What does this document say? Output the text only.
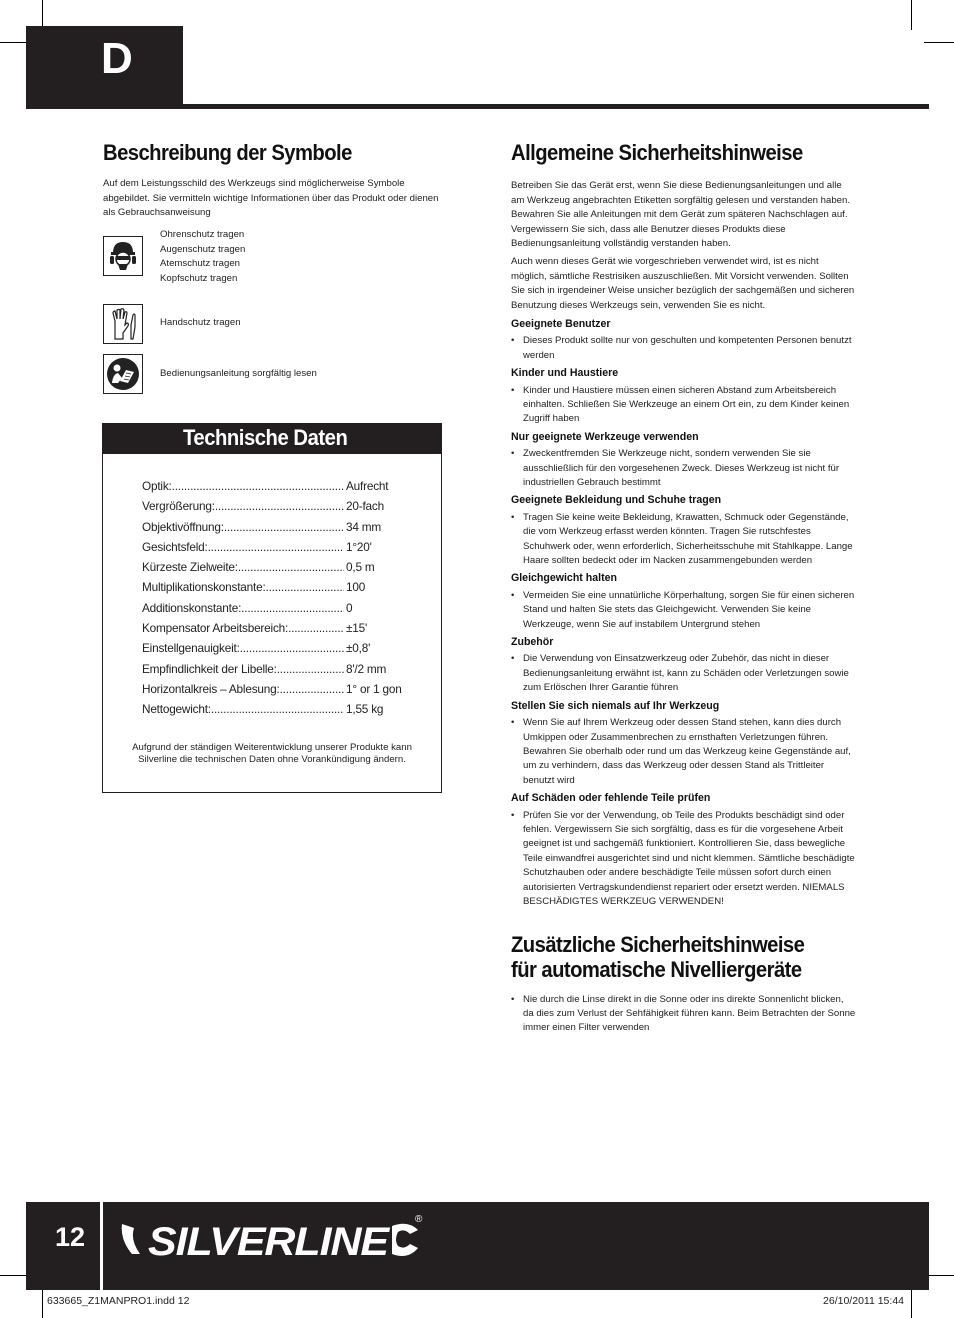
D
Beschreibung der Symbole
Auf dem Leistungsschild des Werkzeugs sind möglicherweise Symbole abgebildet. Sie vermitteln wichtige Informationen über das Produkt oder dienen als Gebrauchsanweisung
Ohrenschutz tragen
Augenschutz tragen
Atemschutz tragen
Kopfschutz tragen
Handschutz tragen
Bedienungsanleitung sorgfältig lesen
Technische Daten
Optik: .....	Aufrecht
Vergrößerung: .....	20-fach
Objektivöffnung: .....	34 mm
Gesichtsfeld: .....	1°20'
Kürzeste Zielweite: .....	0,5 m
Multiplikationskonstante: .....	100
Additionskonstante: .....	0
Kompensator Arbeitsbereich: .....	±15'
Einstellgenauigkeit: .....	±0,8'
Empfindlichkeit der Libelle: .....	8'/2 mm
Horizontalkreis – Ablesung: .....	1° or 1 gon
Nettogewicht: .....	1,55 kg
Aufgrund der ständigen Weiterentwicklung unserer Produkte kann Silverline die technischen Daten ohne Vorankündigung ändern.
Allgemeine Sicherheitshinweise

Betreiben Sie das Gerät erst, wenn Sie diese Bedienungsanleitungen und alle am Werkzeug angebrachten Etiketten sorgfältig gelesen und verstanden haben. Bewahren Sie alle Anleitungen mit dem Gerät zum späteren Nachschlagen auf. Vergewissern Sie sich, dass alle Benutzer dieses Produkts diese Bedienungsanleitung vollständig verstanden haben.

Auch wenn dieses Gerät wie vorgeschrieben verwendet wird, ist es nicht möglich, sämtliche Restrisiken auszuschließen. Mit Vorsicht verwenden. Sollten Sie sich in irgendeiner Weise unsicher bezüglich der sachgemäßen und sicheren Benutzung dieses Werkzeugs sein, verwenden Sie es nicht.

Geeignete Benutzer
• Dieses Produkt sollte nur von geschulten und kompetenten Personen benutzt werden
Kinder und Haustiere
• Kinder und Haustiere müssen einen sicheren Abstand zum Arbeitsbereich einhalten. Schließen Sie Werkzeuge an einem Ort ein, zu dem Kinder keinen Zugriff haben
Nur geeignete Werkzeuge verwenden
• Zweckentfremden Sie Werkzeuge nicht, sondern verwenden Sie sie ausschließlich für den vorgesehenen Zweck. Dieses Werkzeug ist nicht für industriellen Gebrauch bestimmt
Geeignete Bekleidung und Schuhe tragen
• Tragen Sie keine weite Bekleidung, Krawatten, Schmuck oder Gegenstände, die vom Werkzeug erfasst werden könnten. Tragen Sie rutschfestes Schuhwerk oder, wenn erforderlich, Sicherheitsschuhe mit Stahlkappe. Lange Haare sollten bedeckt oder im Nacken zusammengebunden werden
Gleichgewicht halten
• Vermeiden Sie eine unnatürliche Körperhaltung, sorgen Sie für einen sicheren Stand und halten Sie stets das Gleichgewicht. Verwenden Sie keine Werkzeuge, wenn Sie auf instabilem Untergrund stehen
Zubehör
• Die Verwendung von Einsatzwerkzeug oder Zubehör, das nicht in dieser Bedienungsanleitung erwähnt ist, kann zu Schäden oder Verletzungen sowie zum Erlöschen Ihrer Garantie führen
Stellen Sie sich niemals auf Ihr Werkzeug
• Wenn Sie auf Ihrem Werkzeug oder dessen Stand stehen, kann dies durch Umkippen oder Zusammenbrechen zu ernsthaften Verletzungen führen. Bewahren Sie oberhalb oder rund um das Werkzeug keine Gegenstände auf, um zu verhindern, dass das Werkzeug oder dessen Stand als Trittleiter benutzt wird
Auf Schäden oder fehlende Teile prüfen
• Prüfen Sie vor der Verwendung, ob Teile des Produkts beschädigt sind oder fehlen. Vergewissern Sie sich sorgfältig, dass es für die vorgesehene Arbeit geeignet ist und sachgemäß funktioniert. Kontrollieren Sie, dass bewegliche Teile einwandfrei ausgerichtet sind und nicht klemmen. Sämtliche beschädigte Schutzhauben oder andere beschädigte Teile müssen sofort durch einen autorisierten Vertragskundendienst repariert oder ersetzt werden. NIEMALS BESCHÄDIGTES WERKZEUG VERWENDEN!
Zusätzliche Sicherheitshinweise
für automatische Nivelliergeräte
• Nie durch die Linse direkt in die Sonne oder ins direkte Sonnenlicht blicken, da dies zum Verlust der Sehfähigkeit führen kann. Beim Betrachten der Sonne immer einen Filter verwenden
12 SILVERLINE
®
633665_Z1MANPRO1.indd 12	26/10/2011 15:44
